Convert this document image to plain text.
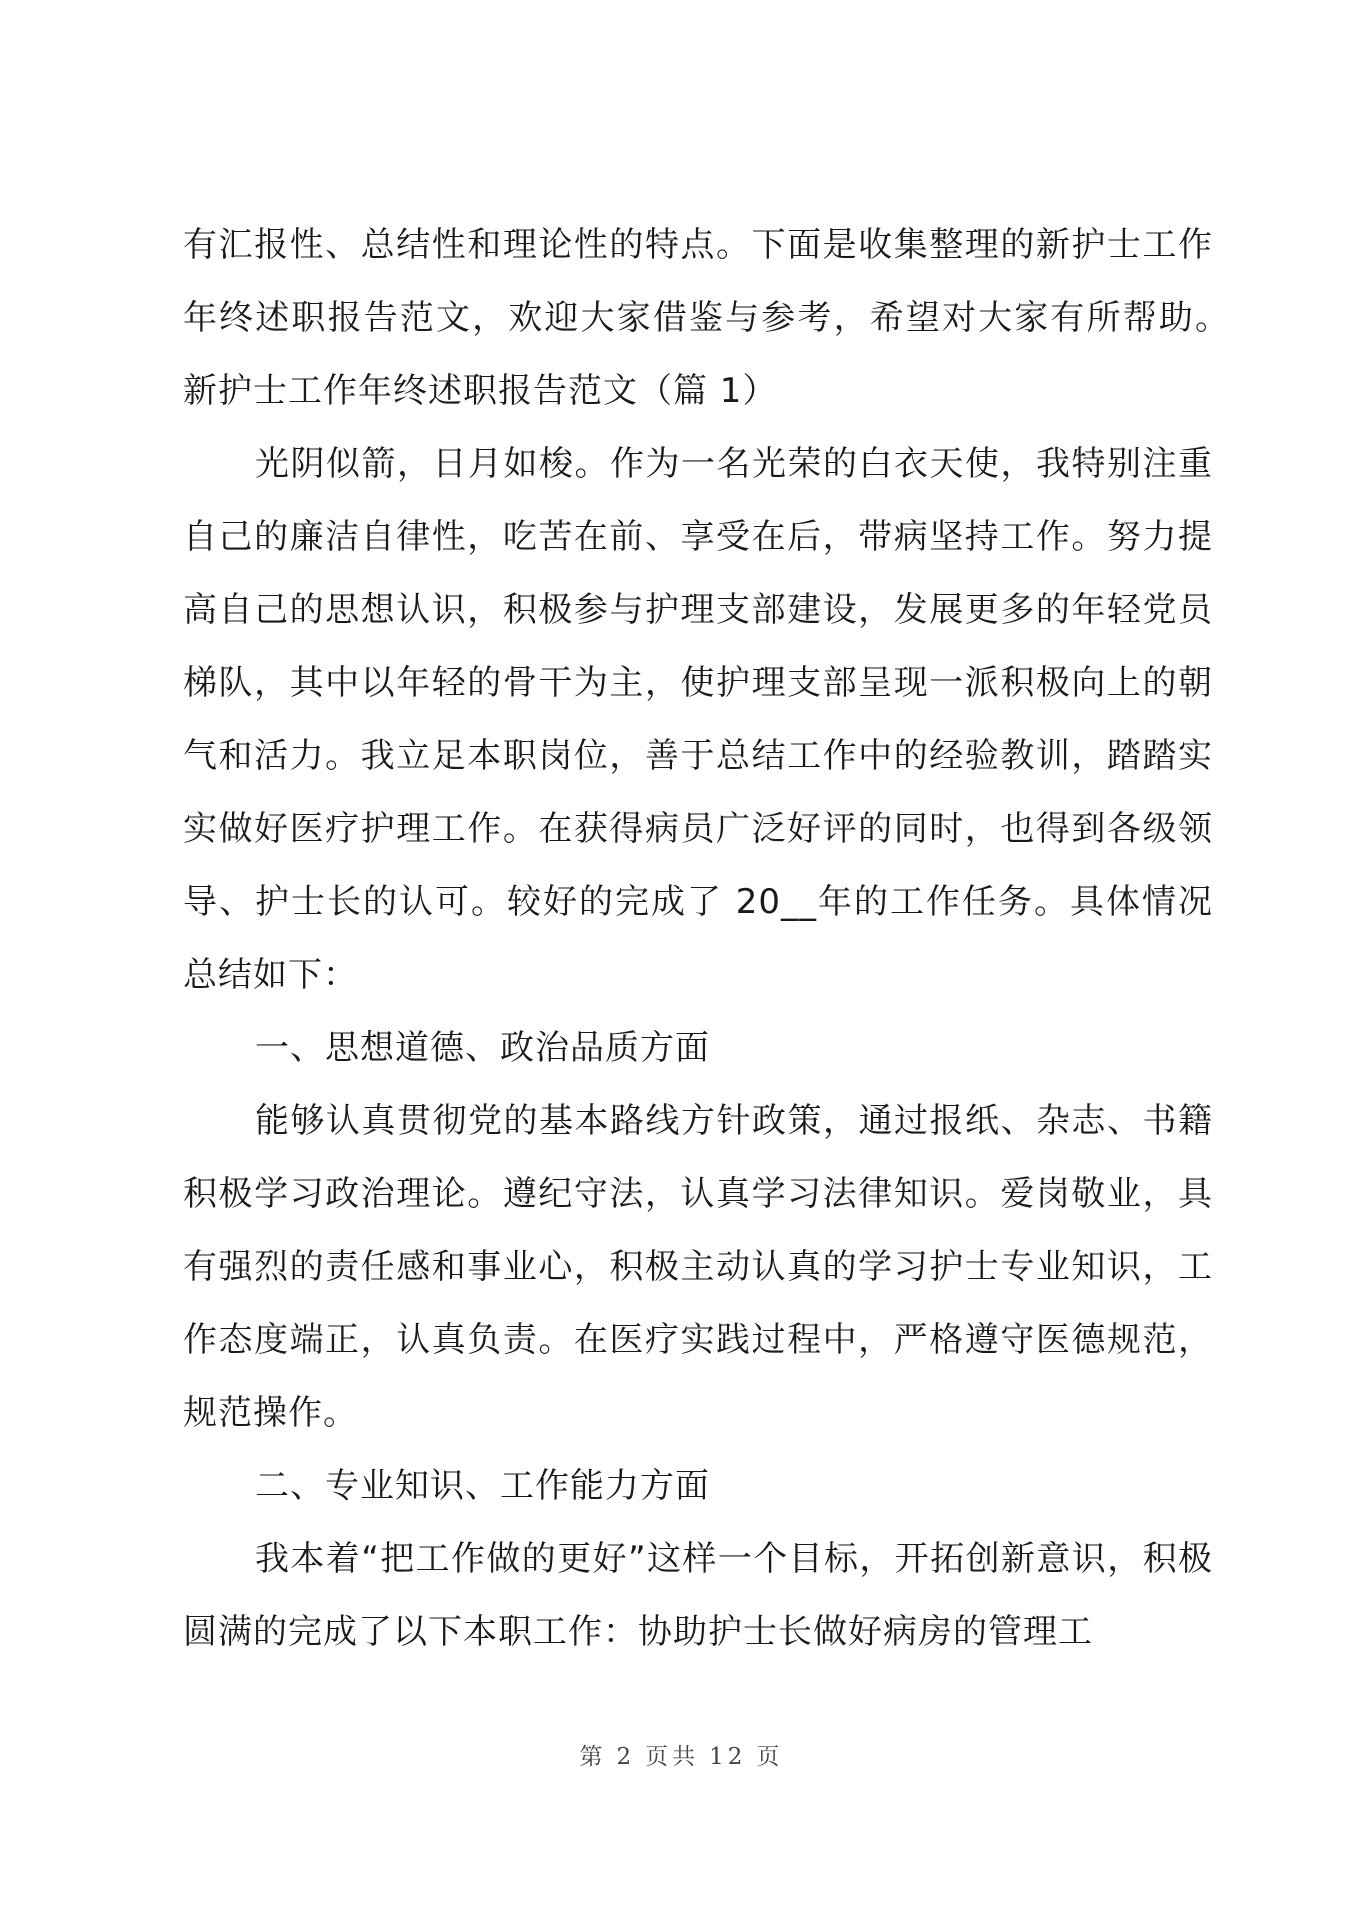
有汇报性、总结性和理论性的特点。下面是收集整理的新护士工作年终述职报告范文，欢迎大家借鉴与参考，希望对大家有所帮助。　　新护士工作年终述职报告范文（篇 1）

光阴似箭，日月如梭。作为一名光荣的白衣天使，我特别注重自己的廉洁自律性，吃苦在前、享受在后，带病坚持工作。努力提高自己的思想认识，积极参与护理支部建设，发展更多的年轻党员梯队，其中以年轻的骨干为主，使护理支部呈现一派积极向上的朝气和活力。我立足本职岗位，善于总结工作中的经验教训，踏踏实实做好医疗护理工作。在获得病员广泛好评的同时，也得到各级领导、护士长的认可。较好的完成了 20__年的工作任务。具体情况总结如下：

一、思想道德、政治品质方面

能够认真贯彻党的基本路线方针政策，通过报纸、杂志、书籍积极学习政治理论。遵纪守法，认真学习法律知识。爱岗敬业，具有强烈的责任感和事业心，积极主动认真的学习护士专业知识，工作态度端正，认真负责。在医疗实践过程中，严格遵守医德规范，规范操作。

二、专业知识、工作能力方面

我本着“把工作做的更好”这样一个目标，开拓创新意识，积极圆满的完成了以下本职工作：协助护士长做好病房的管理工

第 2 页共 12 页
